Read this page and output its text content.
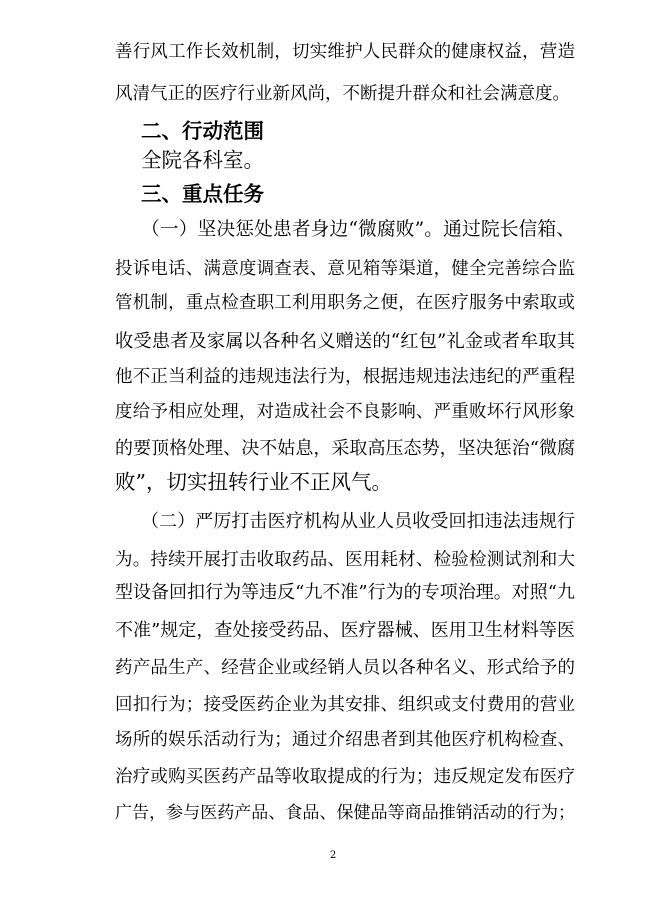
善行风工作长效机制，切实维护人民群众的健康权益，营造
风清气正的医疗行业新风尚，不断提升群众和社会满意度。
二、行动范围
全院各科室。
三、重点任务
（一）坚决惩处患者身边“微腐败”。通过院长信箱、
投诉电话、满意度调查表、意见箱等渠道，健全完善综合监
管机制，重点检查职工利用职务之便，在医疗服务中索取或
收受患者及家属以各种名义赠送的“红包”礼金或者牟取其
他不正当利益的违规违法行为，根据违规违法违纪的严重程
度给予相应处理，对造成社会不良影响、严重败坏行风形象
的要顶格处理、决不姑息，采取高压态势，坚决惩治“微腐
败”，切实扭转行业不正风气。
（二）严厉打击医疗机构从业人员收受回扣违法违规行
为。持续开展打击收取药品、医用耗材、检验检测试剂和大
型设备回扣行为等违反“九不准”行为的专项治理。对照“九
不准”规定，查处接受药品、医疗器械、医用卫生材料等医
药产品生产、经营企业或经销人员以各种名义、形式给予的
回扣行为；接受医药企业为其安排、组织或支付费用的营业
场所的娱乐活动行为；通过介绍患者到其他医疗机构检查、
治疗或购买医药产品等收取提成的行为；违反规定发布医疗
广告，参与医药产品、食品、保健品等商品推销活动的行为；
2
